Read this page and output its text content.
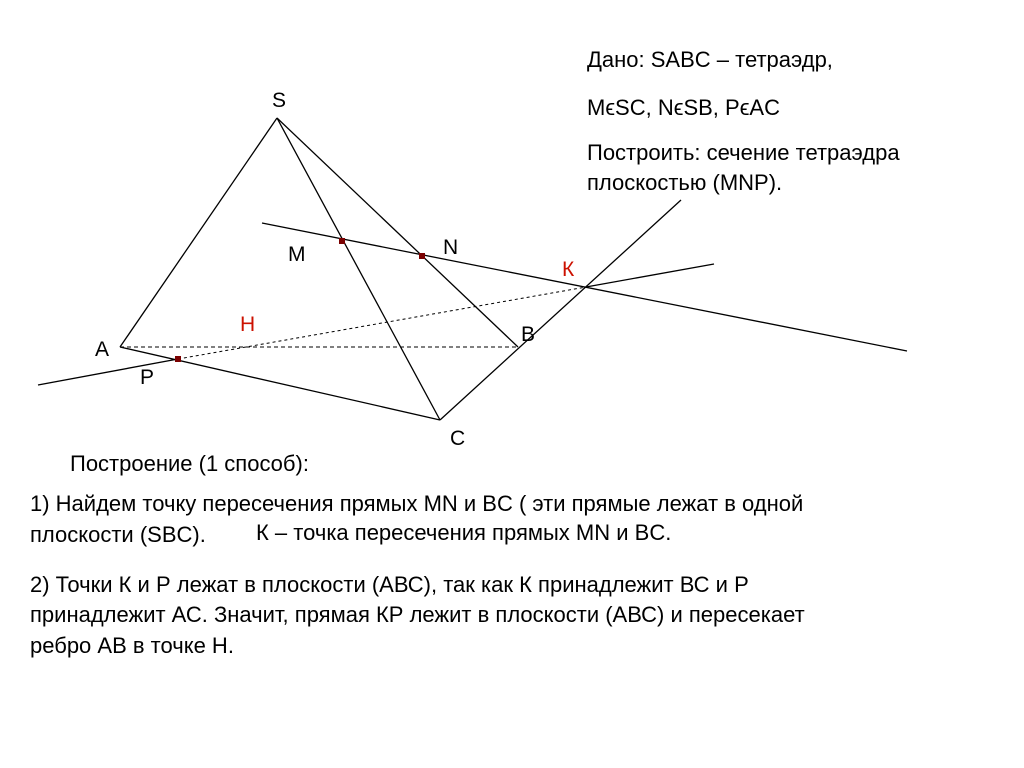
S
A
B
C
M	N
P
К
Н
Дано: SABC – тетраэдр,
MϵSC, NϵSB, PϵAC
Построить: сечение тетраэдра
плоскостью (MNP).
Построение (1 способ):
1) Найдем точку пересечения прямых MN и BC ( эти прямые лежат в одной
плоскости (SBC). К – точка пересечения прямых MN и BC.
2) Точки К и Р лежат в плоскости (АВС), так как К принадлежит ВС и Р
принадлежит АС. Значит, прямая КР лежит в плоскости (АВС) и пересекает
ребро АВ в точке Н.
